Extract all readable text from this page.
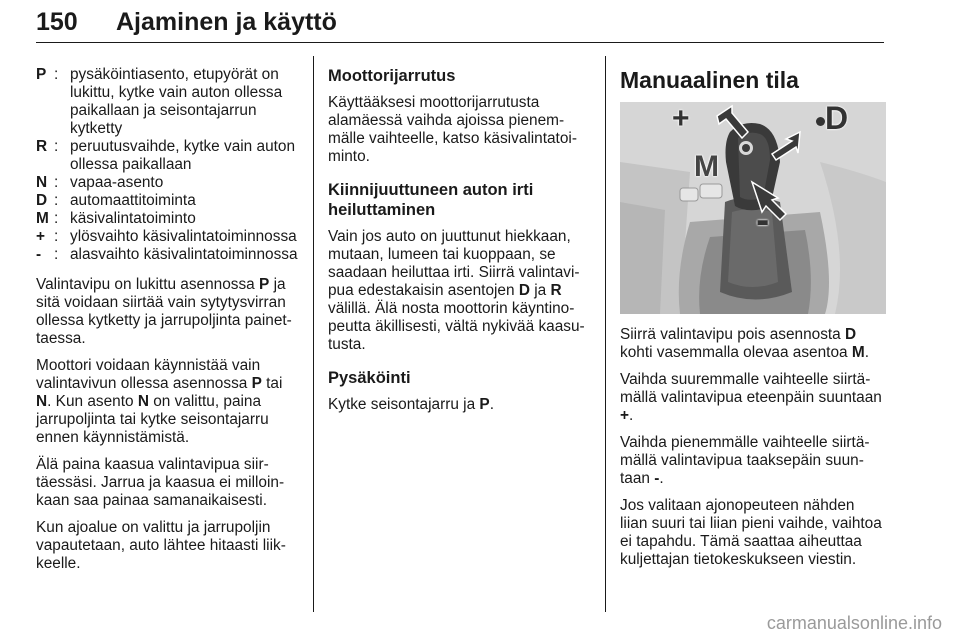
150 Ajaminen ja käyttö
P : pysäköintiasento, etupyörät on lukittu, kytke vain auton ollessa paikallaan ja seisontajarrun kytketty
R : peruutusvaihde, kytke vain auton ollessa paikallaan
N : vapaa-asento
D : automaattitoiminta
M : käsivalintatoiminto
+ : ylösvaihto käsivalintatoiminnossa
- : alasvaihto käsivalintatoiminnossa

Valintavipu on lukittu asennossa P ja sitä voidaan siirtää vain sytytysvirran ollessa kytketty ja jarrupoljinta painettaessa.

Moottori voidaan käynnistää vain valintavivun ollessa asennossa P tai N. Kun asento N on valittu, paina jarrupoljinta tai kytke seisontajarru ennen käynnistämistä.

Älä paina kaasua valintavipua siirtäessäsi. Jarrua ja kaasua ei milloinkaan saa painaa samanaikaisesti.

Kun ajoalue on valittu ja jarrupoljin vapautetaan, auto lähtee hitaasti liikkeelle.

Moottorijarrutus

Käyttääksesi moottorijarrutusta alamäessä vaihda ajoissa pienemmälle vaihteelle, katso käsivalintatoiminto.

Kiinnijuuttuneen auton irti heiluttaminen

Vain jos auto on juuttunut hiekkaan, mutaan, lumeen tai kuoppaan, se saadaan heiluttaa irti. Siirrä valintavipua edestakaisin asentojen D ja R välillä. Älä nosta moottorin käyntinopeutta äkillisesti, vältä nykivää kaasutusta.

Pysäköinti

Kytke seisontajarru ja P.

Manuaalinen tila
+	D
M
-

Siirrä valintavipu pois asennosta D kohti vasemmalla olevaa asentoa M.

Vaihda suuremmalle vaihteelle siirtämällä valintavipua eteenpäin suuntaan +.

Vaihda pienemmälle vaihteelle siirtämällä valintavipua taaksepäin suuntaan -.

Jos valitaan ajonopeuteen nähden liian suuri tai liian pieni vaihde, vaihtoa ei tapahdu. Tämä saattaa aiheuttaa kuljettajan tietokeskukseen viestin.

carmanualsonline.info
